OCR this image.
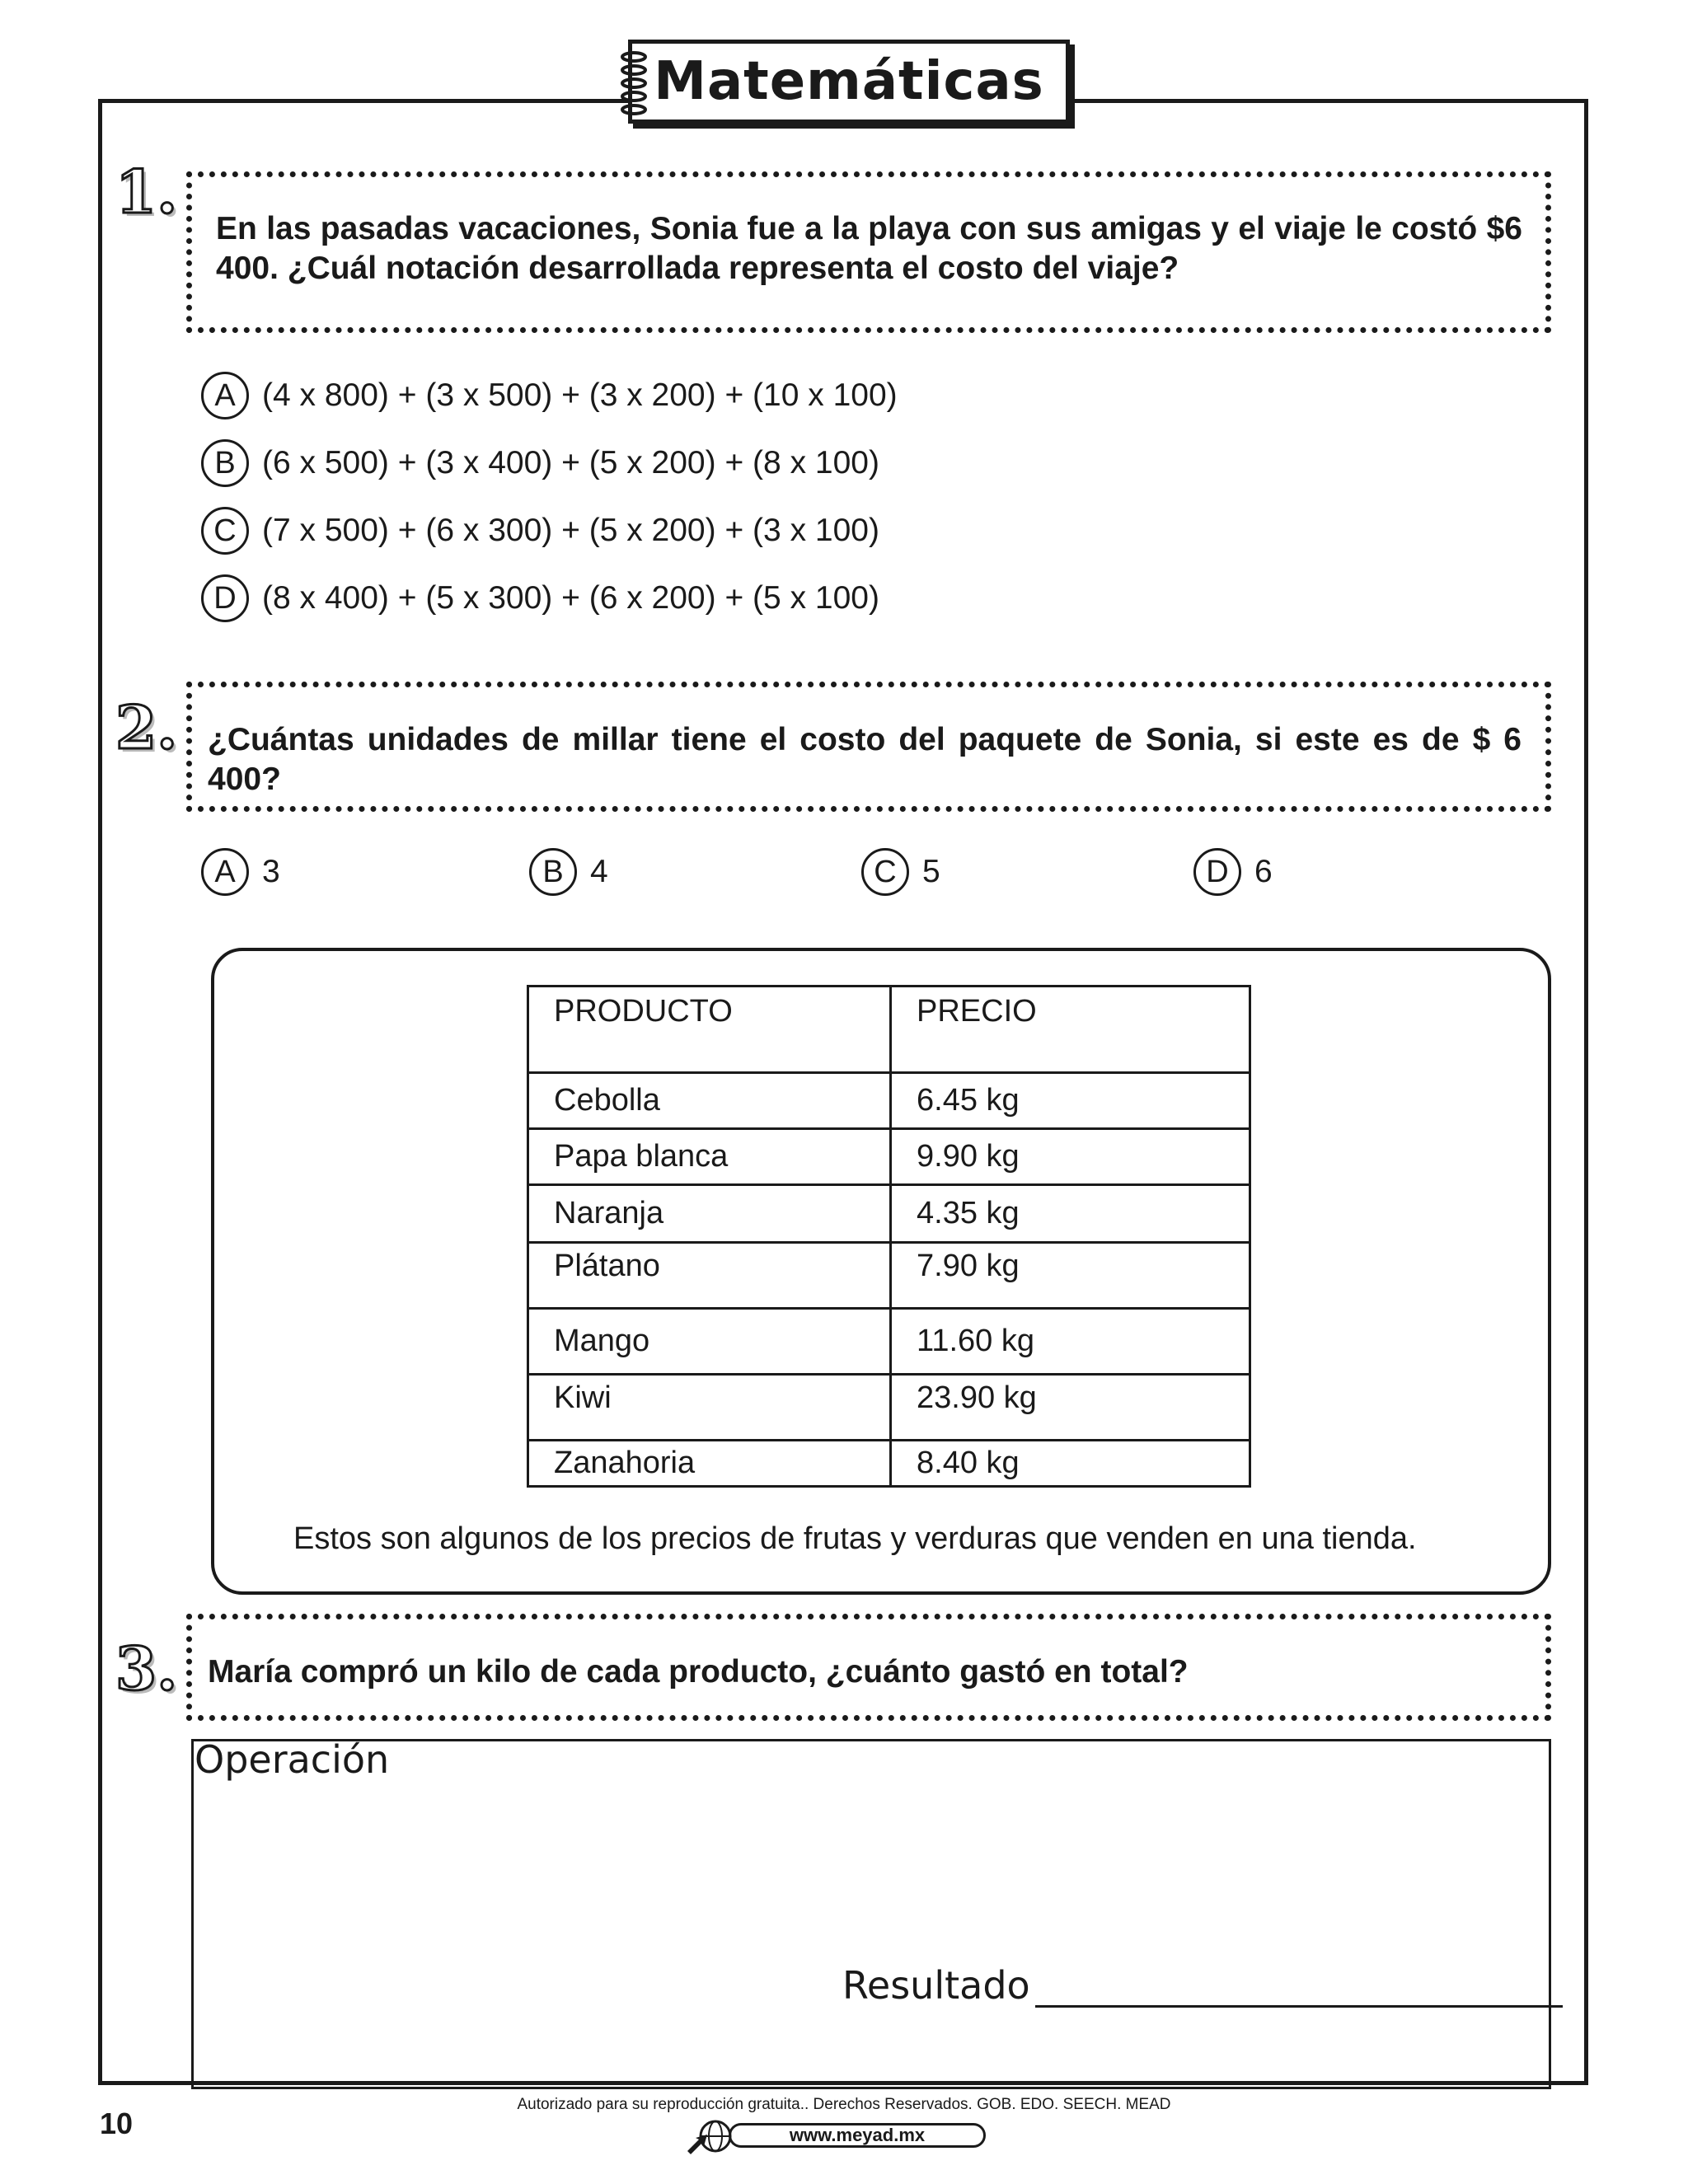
Matemáticas
1.
En las pasadas vacaciones, Sonia fue a la playa con sus amigas y el viaje le costó $6 400. ¿Cuál notación desarrollada representa el costo del viaje?
A (4 x 800) + (3 x 500) + (3 x 200) + (10 x 100)
B (6 x 500) + (3 x 400) + (5 x 200) + (8 x 100)
C (7 x 500) + (6 x 300) + (5 x 200) + (3 x 100)
D (8 x 400) + (5 x 300) + (6 x 200) + (5 x 100)
2. ¿Cuántas unidades de millar tiene el costo del paquete de Sonia, si este es de $ 6 400?
A 3	B 4	C 5	D 6
PRODUCTO	PRECIO
Cebolla	6.45 kg
Papa blanca	9.90 kg
Naranja	4.35 kg
Plátano	7.90 kg
Mango	11.60 kg
Kiwi	23.90 kg
Zanahoria	8.40 kg
Estos son algunos de los precios de frutas y verduras que venden en una tienda.
3. María compró un kilo de cada producto, ¿cuánto gastó en total?
Operación
Resultado
10
Autorizado para su reproducción gratuita.. Derechos Reservados. GOB. EDO. SEECH. MEAD
www.meyad.mx
